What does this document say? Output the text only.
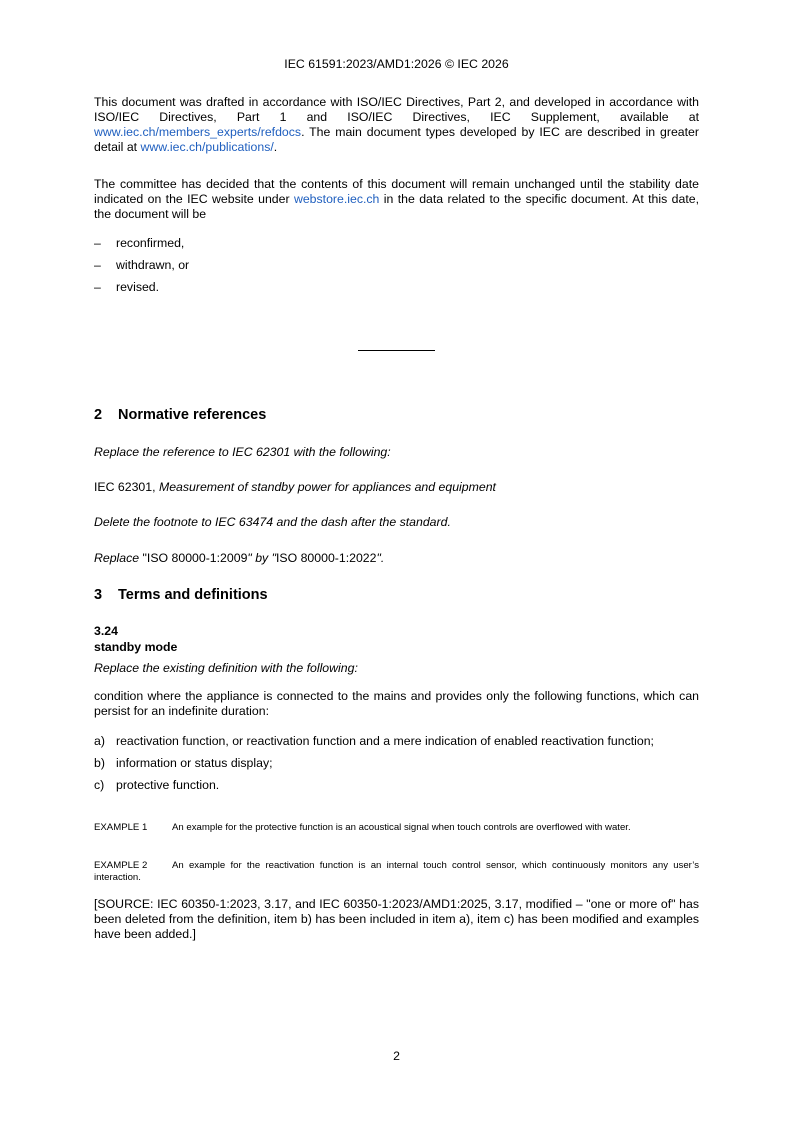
IEC 61591:2023/AMD1:2026 © IEC 2026

This document was drafted in accordance with ISO/IEC Directives, Part 2, and developed in accordance with ISO/IEC Directives, Part 1 and ISO/IEC Directives, IEC Supplement, available at www.iec.ch/members_experts/refdocs. The main document types developed by IEC are described in greater detail at www.iec.ch/publications/.

The committee has decided that the contents of this document will remain unchanged until the stability date indicated on the IEC website under webstore.iec.ch in the data related to the specific document. At this date, the document will be

–	reconfirmed,
–	withdrawn, or
–	revised.
2 Normative references

Replace the reference to IEC 62301 with the following:

IEC 62301, Measurement of standby power for appliances and equipment

Delete the footnote to IEC 63474 and the dash after the standard.

Replace "ISO 80000-1:2009" by "ISO 80000-1:2022".

3 Terms and definitions

3.24

standby mode

Replace the existing definition with the following:

condition where the appliance is connected to the mains and provides only the following functions, which can persist for an indefinite duration:

a) reactivation function, or reactivation function and a mere indication of enabled reactivation function;
b) information or status display;
c) protective function.

EXAMPLE 1	An example for the protective function is an acoustical signal when touch controls are overflowed with water.

EXAMPLE 2	An example for the reactivation function is an internal touch control sensor, which continuously monitors any user’s interaction.

[SOURCE: IEC 60350-1:2023, 3.17, and IEC 60350-1:2023/AMD1:2025, 3.17, modified – "one or more of" has been deleted from the definition, item b) has been included in item a), item c) has been modified and examples have been added.]

2
